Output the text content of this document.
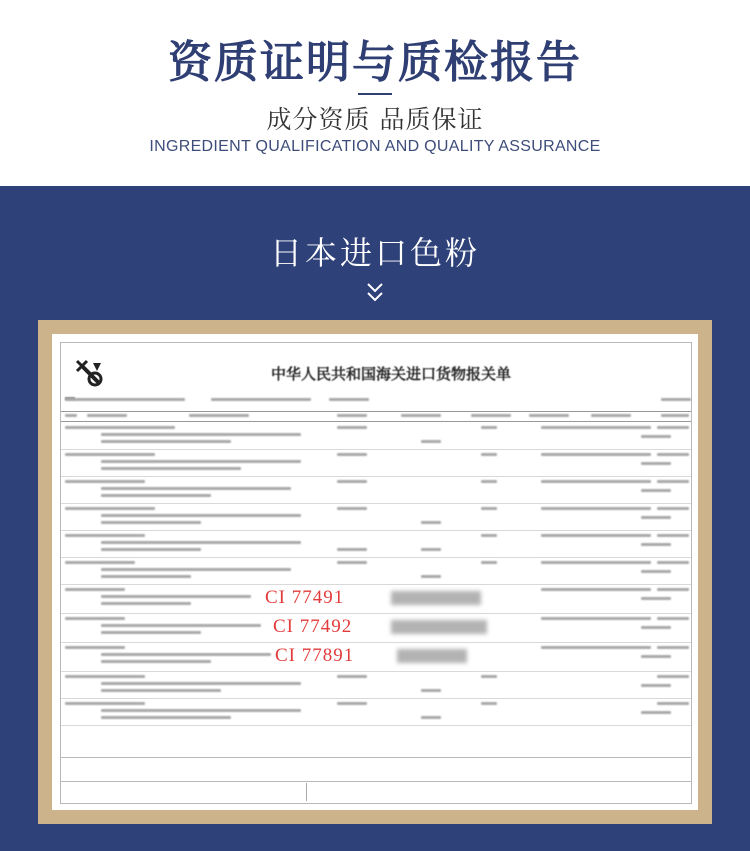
资质证明与质检报告
成分资质 品质保证
INGREDIENT QUALIFICATION AND QUALITY ASSURANCE
日本进口色粉
中华人民共和国海关进口货物报关单
CI 77491
CI 77492
CI 77891
